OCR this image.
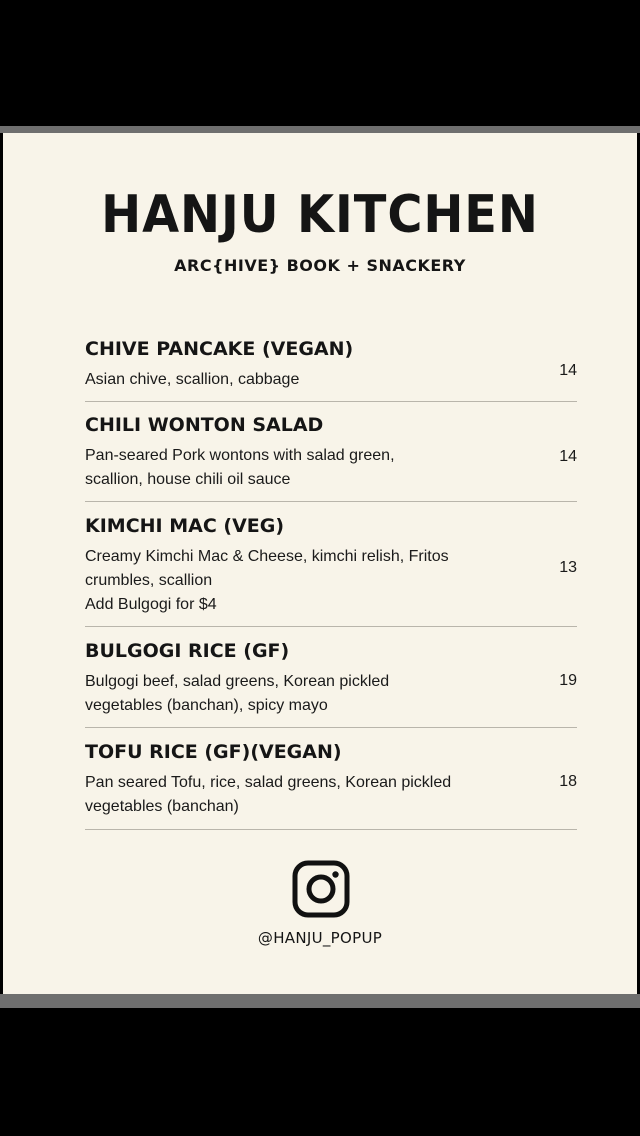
HANJU KITCHEN
ARC{HIVE} BOOK + SNACKERY
CHIVE PANCAKE (VEGAN)
Asian chive, scallion, cabbage
14
CHILI WONTON SALAD
Pan-seared Pork wontons with salad green,
scallion, house chili oil sauce
14
KIMCHI MAC (VEG)
Creamy Kimchi Mac & Cheese, kimchi relish, Fritos
crumbles, scallion
Add Bulgogi for $4
13
BULGOGI RICE (GF)
Bulgogi beef, salad greens, Korean pickled
vegetables (banchan), spicy mayo
19
TOFU RICE (GF)(VEGAN)
Pan seared Tofu, rice, salad greens, Korean pickled
vegetables (banchan)
18
@HANJU_POPUP
